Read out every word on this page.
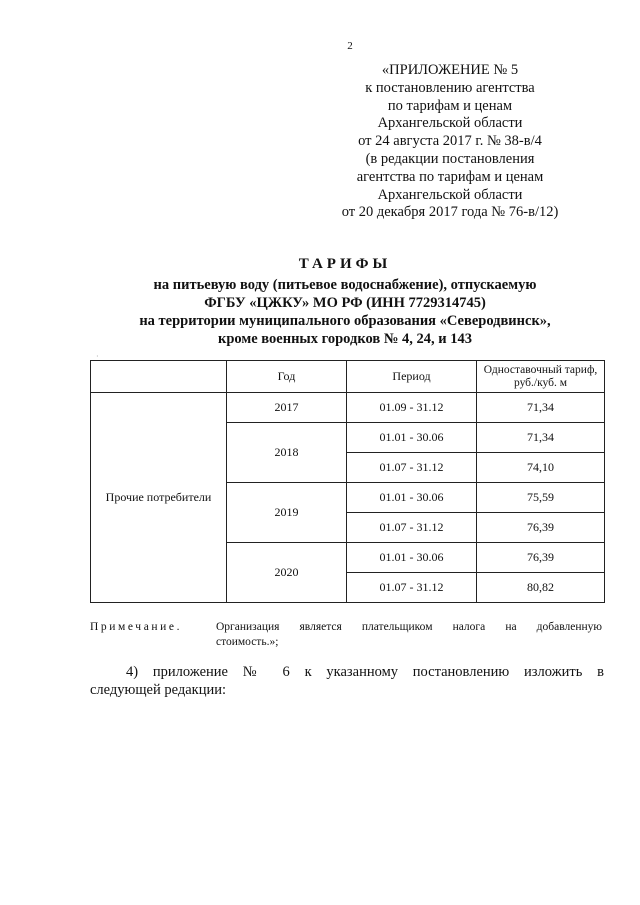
2
«ПРИЛОЖЕНИЕ № 5
к постановлению агентства
по тарифам и ценам
Архангельской области
от 24 августа 2017 г. № 38-в/4
(в редакции постановления
агентства по тарифам и ценам
Архангельской области
от 20 декабря 2017 года № 76-в/12)
ТАРИФЫ
на питьевую воду (питьевое водоснабжение), отпускаемую
ФГБУ «ЦЖКУ» МО РФ (ИНН 7729314745)
на территории муниципального образования «Северодвинск»,
кроме военных городков № 4, 24, и 143
·
	Год	Период	Одноставочный тариф, руб./куб. м
Прочие потребители	2017	01.09 - 31.12	71,34
	2018	01.01 - 30.06	71,34
		01.07 - 31.12	74,10
	2019	01.01 - 30.06	75,59
		01.07 - 31.12	76,39
	2020	01.01 - 30.06	76,39
		01.07 - 31.12	80,82
Примечание.	Организация является плательщиком налога на добавленную
стоимость.»;
4) приложение № 6 к указанному постановлению изложить в
следующей редакции:
